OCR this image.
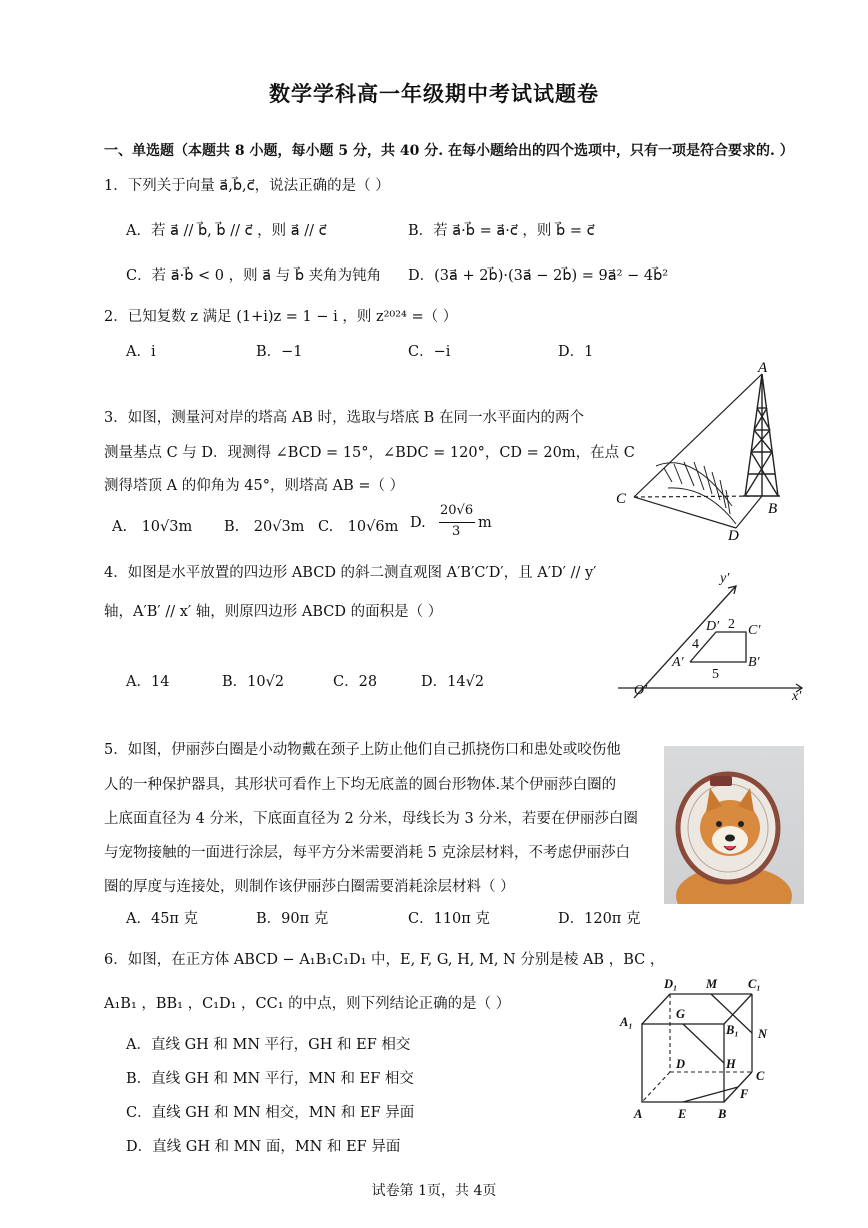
数学学科高一年级期中考试试题卷
一、单选题（本题共 8 小题，每小题 5 分，共 40 分. 在每小题给出的四个选项中，只有一项是符合要求的. ）
1．下列关于向量 a⃗,b⃗,c⃗，说法正确的是（ ）
A．若 a⃗ // b⃗, b⃗ // c⃗ ，则 a⃗ // c⃗	B．若 a⃗·b⃗ = a⃗·c⃗ ，则 b⃗ = c⃗
C．若 a⃗·b⃗ < 0 ，则 a⃗ 与 b⃗ 夹角为钝角 D．(3a⃗ + 2b⃗)·(3a⃗ − 2b⃗) = 9a⃗² − 4b⃗²
2．已知复数 z 满足 (1+i)z = 1 − i ，则 z²⁰²⁴ =（ ）
A．i	B．−1	C．−i	D．1
3．如图，测量河对岸的塔高 AB 时，选取与塔底 B 在同一水平面内的两个
测量基点 C 与 D．现测得 ∠BCD = 15°，∠BDC = 120°，CD = 20m，在点 C
测得塔顶 A 的仰角为 45°，则塔高 AB =（ ）
A.　10√3m B.　20√3m C.　10√6m D.
20√6
3
m
A
B
C
D
4．如图是水平放置的四边形 ABCD 的斜二测直观图 A′B′C′D′，且 A′D′ // y′
轴，A′B′ // x′ 轴，则原四边形 ABCD 的面积是（ ）
A．14	B．10√2	C．28	D．14√2
y′
x′
O′
A′	B′
C′
D′ 2
4
5
5．如图，伊丽莎白圈是小动物戴在颈子上防止他们自己抓挠伤口和患处或咬伤他
人的一种保护器具，其形状可看作上下均无底盖的圆台形物体.某个伊丽莎白圈的
上底面直径为 4 分米，下底面直径为 2 分米，母线长为 3 分米，若要在伊丽莎白圈
与宠物接触的一面进行涂层，每平方分米需要消耗 5 克涂层材料，不考虑伊丽莎白
圈的厚度与连接处，则制作该伊丽莎白圈需要消耗涂层材料（ ）
A．45π 克	B．90π 克	C．110π 克	D．120π 克
6．如图，在正方体 ABCD − A₁B₁C₁D₁ 中，E, F, G, H, M, N 分别是棱 AB ，BC ，
A₁B₁ ，BB₁ ，C₁D₁ ，CC₁ 的中点，则下列结论正确的是（ ）
A．直线 GH 和 MN 平行，GH 和 EF 相交
B．直线 GH 和 MN 平行，MN 和 EF 相交
C．直线 GH 和 MN 相交，MN 和 EF 异面
D．直线 GH 和 MN 面，MN 和 EF 异面
D₁ M C₁
A₁
G
B₁ N
D	H
C
F
A	E	B
试卷第 1页，共 4页
